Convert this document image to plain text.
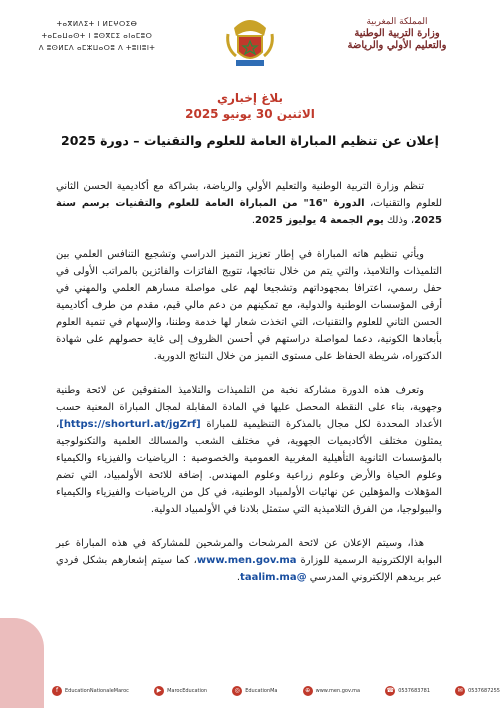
ⵜⴰⴳⵍⴷⵉⵜ ⵏ ⵍⵎⵖⵔⵉⴱ
ⵜⴰⵎⴰⵡⴰⵙⵜ ⵏ ⵓⵙⴳⵎⵉ ⴰⵏⴰⵎⵓⵔ
ⴷ ⵓⵙⵍⵎⴷ ⴰⵎⵣⵡⴰⵔⵓ ⴷ ⵜⵓⵏⵏⵓⵏⵜ
المملكة المغربية
وزارة التربية الوطنية
والتعليم الأولي والرياضة
بلاغ إخباري
الاثنين 30 يونيو 2025
إعلان عن تنظيم المباراة العامة للعلوم والتقنيات – دورة 2025

تنظم وزارة التربية الوطنية والتعليم الأولي والرياضة، بشراكة مع أكاديمية الحسن الثاني للعلوم والتقنيات، الدورة "16" من المباراة العامة للعلوم والتقنيات برسم سنة 2025، وذلك يوم الجمعة 4 يوليوز 2025.

ويأتي تنظيم هاته المباراة في إطار تعزيز التميز الدراسي وتشجيع التنافس العلمي بين التلميذات والتلاميذ، والتي يتم من خلال نتائجها، تتويج الفائزات والفائزين بالمراتب الأولى في حفل رسمي، اعترافا بمجهوداتهم وتشجيعا لهم على مواصلة مسارهم العلمي والمهني في أرقى المؤسسات الوطنية والدولية، مع تمكينهم من دعم مالي قيم، مقدم من طرف أكاديمية الحسن الثاني للعلوم والتقنيات، التي اتخذت شعار لها خدمة وطننا، والإسهام في تنمية العلوم بأبعادها الكونية، دعما لمواصلة دراستهم في أحسن الظروف إلى غاية حصولهم على شهادة الدكتوراه، شريطة الحفاظ على مستوى التميز من خلال النتائج الدورية.

وتعرف هذه الدورة مشاركة نخبة من التلميذات والتلاميذ المتفوقين عن لائحة وطنية وجهوية، بناء على النقطة المحصل عليها في المادة المقابلة لمجال المباراة المعنية حسب الأعداد المحددة لكل مجال بالمذكرة التنظيمية للمباراة [https://shorturl.at/jgZrf]، يمثلون مختلف الأكاديميات الجهوية، في مختلف الشعب والمسالك العلمية والتكنولوجية بالمؤسسات الثانوية التأهيلية المغربية العمومية والخصوصية : الرياضيات والفيزياء والكيمياء وعلوم الحياة والأرض وعلوم زراعية وعلوم المهندس. إضافة للائحة الأولمبياد، التي تضم المؤهلات والمؤهلين عن نهائيات الأولمبياد الوطنية، في كل من الرياضيات والفيزياء والكيمياء والبيولوجيا، من الفرق التلاميذية التي ستمثل بلادنا في الأولمبياد الدولية.

هذا، وسيتم الإعلان عن لائحة المرشحات والمرشحين للمشاركة في هذه المباراة عبر البوابة الإلكترونية الرسمية للوزارة www.men.gov.ma، كما سيتم إشعارهم بشكل فردي عبر بريدهم الإلكتروني المدرسي @taalim.ma.

f	EducationNationaleMaroc	▶	MarocEducation	◎	EducationMa	⊕	www.men.gov.ma	☎ 0537683781	✉	0537687255
